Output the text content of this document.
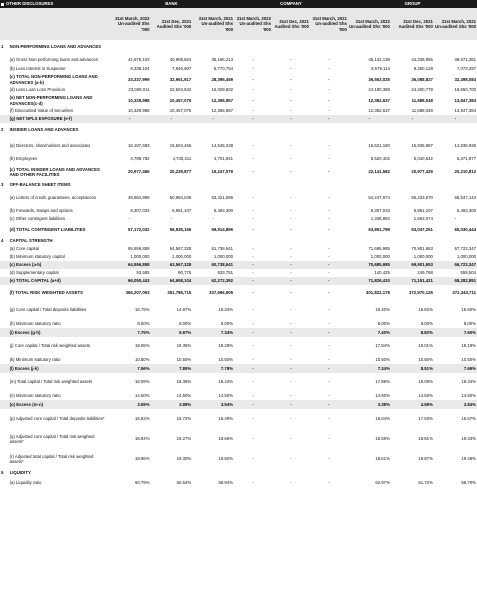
OTHER DISCLOSURES		BANK			COMPANY			GROUP		
		31st March, 2022 Un-audited Shs '000	31st Dec, 2021 Audited Shs '000	31st March, 2021 Un-audited Shs '000	31st March, 2022 Un-audited Shs '000	31st Dec, 2021 Audited Shs '000	31st March, 2021 Un-audited Shs '000	31st March, 2022 Un-audited Shs '000	31st Dec, 2021 Audited Shs '000	31st March, 2021 Un-audited Shs '000
1	NON-PERFORMING LOANS AND ADVANCES									
	(a) Gross Non-performing loans and advances	41,676,103	40,908,824	35,166,213	-	-	-	45,142,139	44,338,955	39,571,381
	(b) Less Interest in Suspense	8,338,104	7,946,907	6,770,754	-	-	-	8,579,114	8,250,128	7,073,297
	(c) TOTAL NON-PERFORMING LOANS AND ADVANCES (a-b)	33,337,999	32,961,917	28,395,459	-	-	-	36,563,025	36,088,827	32,498,084
	(d) Less Loan Loss Provision	23,008,011	22,504,842	16,029,502	-	-	-	24,180,388	24,400,779	18,650,700
	(e) NET NON-PERFORMING LOANS AND ADVANCES(c-d)	10,329,988	10,457,075	12,365,957	-	-	-	12,382,637	11,688,048	13,847,384
	(f) Discounted Value of Securities	10,329,988	10,457,075	12,365,957	-	-	-	12,382,637	11,688,048	13,847,384
	(g) NET NPLS EXPOSURE (e-f)	-	-	-	-	-	-	-	-	-
2	INSIDER LOANS AND ADVANCES									
	(a) Directors, shareholders and associates	16,187,683	15,504,466	14,545,238	-	-	-	16,621,180	15,936,887	14,838,936
	(b) Employees	4,789,782	4,735,411	4,701,841	-	-	-	5,520,402	5,040,542	5,371,877
	(c) TOTAL INSIDER LOANS AND ADVANCES AND OTHER FACILITIES	20,977,466	20,239,877	19,247,079	-	-	-	22,141,582	20,977,429	20,210,813
3	OFF-BALANCE SHEET ITEMS									
	(a) Letters of credit, guarantees, acceptances	48,864,999	50,984,049	53,421,596	-	-	-	54,247,874	55,433,070	58,537,144
	(b) Forwards, Swaps and options	8,307,033	5,951,107	6,493,300	-	-	-	8,307,033	5,951,107	6,493,300
	(c) Other contingent liabilities	-	-	-	-	-	-	1,336,892	1,663,074	-
	(d) TOTAL CONTINGENT LIABILITIES	57,172,032	56,935,156	59,914,896	-	-	-	63,891,799	63,047,251	65,030,444
4	CAPITAL STRENGTH									
	(a) Core capital	65,956,858	64,567,328	61,738,641	-	-	-	71,685,985	70,901,653	67,723,347
	(b) Minimum statutory capital	1,000,000	1,000,000	1,000,000	-	-	-	1,000,000	1,000,000	1,000,000
	(c) Excess (a-b)	64,956,858	63,567,328	60,738,641	-	-	-	70,685,985	69,901,653	66,723,347
	(d) Supplementary capital	93,585	90,776	533,751	-	-	-	140,425	249,768	559,504
	(e) TOTAL CAPITAL (a+d)	66,050,443	64,658,104	62,272,392	-	-	-	71,826,410	71,151,421	68,282,851
	(f) TOTAL RISK WEIGHTED ASSETS	365,207,063	351,786,715	337,696,905	-	-	-	401,822,178	372,970,126	372,343,711
	(g) Core capital / Total deposits liabilities	15.75%	14.97%	15.34%	-	-	-	15.40%	16.82%	15.60%
	(h) Minimum statutory ratio	8.00%	8.00%	8.00%	-	-	-	8.00%	8.00%	8.00%
	(i) Excess (g-h)	7.75%	6.97%	7.34%	-	-	-	7.40%	8.82%	7.60%
	(j) Core capital / Total risk weighted assets	18.06%	18.35%	18.28%	-	-	-	17.84%	19.01%	18.19%
	(k) Minimum statutory ratio	10.50%	10.50%	10.50%	-	-	-	10.50%	10.50%	10.50%
	(l) Excess (j-k)	7.56%	7.85%	7.78%	-	-	-	7.34%	8.51%	7.69%
	(m) Total capital / Total risk weighted assets	18.09%	18.38%	18.44%	-	-	-	17.88%	19.08%	18.34%
	(n) Minimum statutory ratio	14.50%	14.50%	14.50%	-	-	-	14.50%	14.50%	14.50%
	(o) Excess (m-n)	3.59%	3.88%	3.94%	-	-	-	3.38%	4.58%	3.84%
	(p) Adjusted core capital / Total deposits liabilities*	16.52%	15.72%	16.49%	-	-	-	16.04%	17.53%	16.57%
	(q) Adjusted core capital / Total risk weighted assets*	18.94%	19.27%	19.66%	-	-	-	18.58%	19.81%	19.33%
	(r) Adjusted total capital / Total risk weighted assets*	18.96%	19.30%	19.82%	-	-	-	18.61%	19.87%	19.48%
5	LIQUIDITY									
	(a) Liquidity ratio	60.79%	60.64%	58.94%	-	-	-	62.97%	61.72%	58.70%
